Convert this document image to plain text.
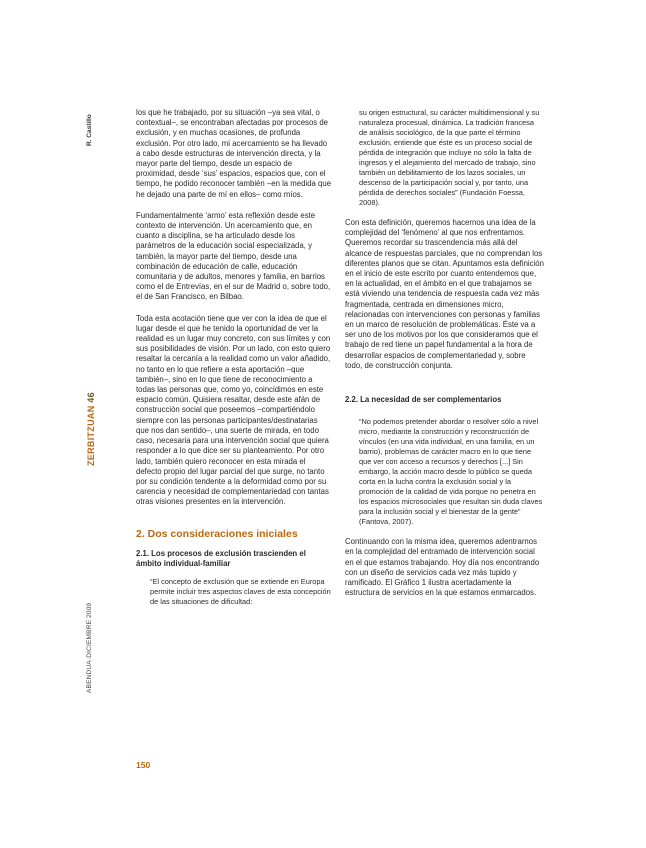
R. Castillo
ZERBITZUAN 46
ABENDUA·DICIEMBRE 2009

los que he trabajado, por su situación –ya sea vital, o contextual–, se encontraban afectadas por procesos de exclusión, y en muchas ocasiones, de profunda exclusión. Por otro lado, mi acercamiento se ha llevado a cabo desde estructuras de intervención directa, y la mayor parte del tiempo, desde un espacio de proximidad, desde ‘sus’ espacios, espacios que, con el tiempo, he podido reconocer también –en la medida que he dejado una parte de mí en ellos– como míos.

Fundamentalmente ‘armo’ esta reflexión desde este contexto de intervención. Un acercamiento que, en cuanto a disciplina, se ha articulado desde los parámetros de la educación social especializada, y también, la mayor parte del tiempo, desde una combinación de educación de calle, educación comunitaria y de adultos, menores y familia, en barrios como el de Entrevías, en el sur de Madrid o, sobre todo, el de San Francisco, en Bilbao.

Toda esta acotación tiene que ver con la idea de que el lugar desde el que he tenido la oportunidad de ver la realidad es un lugar muy concreto, con sus límites y con sus posibilidades de visión. Por un lado, con esto quiero resaltar la cercanía a la realidad como un valor añadido, no tanto en lo que refiere a esta aportación –que también–, sino en lo que tiene de reconocimiento a todas las personas que, como yo, coincidimos en este espacio común. Quisiera resaltar, desde este afán de construcción social que poseemos –compartiéndolo siempre con las personas participantes/destinatarias que nos dan sentido–, una suerte de mirada, en todo caso, necesaria para una intervención social que quiera responder a lo que dice ser su planteamiento. Por otro lado, también quiero reconocer en esta mirada el defecto propio del lugar parcial del que surge, no tanto por su condición tendente a la deformidad como por su carencia y necesidad de complementariedad con tantas otras visiones presentes en la intervención.

2. Dos consideraciones iniciales
2.1. Los procesos de exclusión trascienden el ámbito individual-familiar
“El concepto de exclusión que se extiende en Europa permite incluir tres aspectos claves de esta concepción de las situaciones de dificultad:
su origen estructural, su carácter multidimensional y su naturaleza procesual, dinámica. La tradición francesa de análisis sociológico, de la que parte el término exclusión, entiende que éste es un proceso social de pérdida de integración que incluye no sólo la falta de ingresos y el alejamiento del mercado de trabajo, sino también un debilitamiento de los lazos sociales, un descenso de la participación social y, por tanto, una pérdida de derechos sociales” (Fundación Foessa, 2008).

Con esta definición, queremos hacernos una idea de la complejidad del ‘fenómeno’ al que nos enfrentamos. Queremos recordar su trascendencia más allá del alcance de respuestas parciales, que no comprendan los diferentes planos que se citan. Apuntamos esta definición en el inicio de este escrito por cuanto entendemos que, en la actualidad, en el ámbito en el que trabajamos se está viviendo una tendencia de respuesta cada vez más fragmentada, centrada en dimensiones micro, relacionadas con intervenciones con personas y familias en un marco de resolución de problemáticas. Éste va a ser uno de los motivos por los que consideramos que el trabajo de red tiene un papel fundamental a la hora de desarrollar espacios de complementariedad y, sobre todo, de construcción conjunta.

2.2. La necesidad de ser complementarios
“No podemos pretender abordar o resolver sólo a nivel micro, mediante la construcción y reconstrucción de vínculos (en una vida individual, en una familia, en un barrio), problemas de carácter macro en lo que tiene que ver con acceso a recursos y derechos [...] Sin embargo, la acción macro desde lo público se queda corta en la lucha contra la exclusión social y la promoción de la calidad de vida porque no penetra en los espacios microsociales que resultan sin duda claves para la inclusión social y el bienestar de la gente” (Fantova, 2007).

Continuando con la misma idea, queremos adentrarnos en la complejidad del entramado de intervención social en el que estamos trabajando. Hoy día nos encontrando con un diseño de servicios cada vez más tupido y ramificado. El Gráfico 1 ilustra acertadamente la estructura de servicios en la que estamos enmarcados.

150
